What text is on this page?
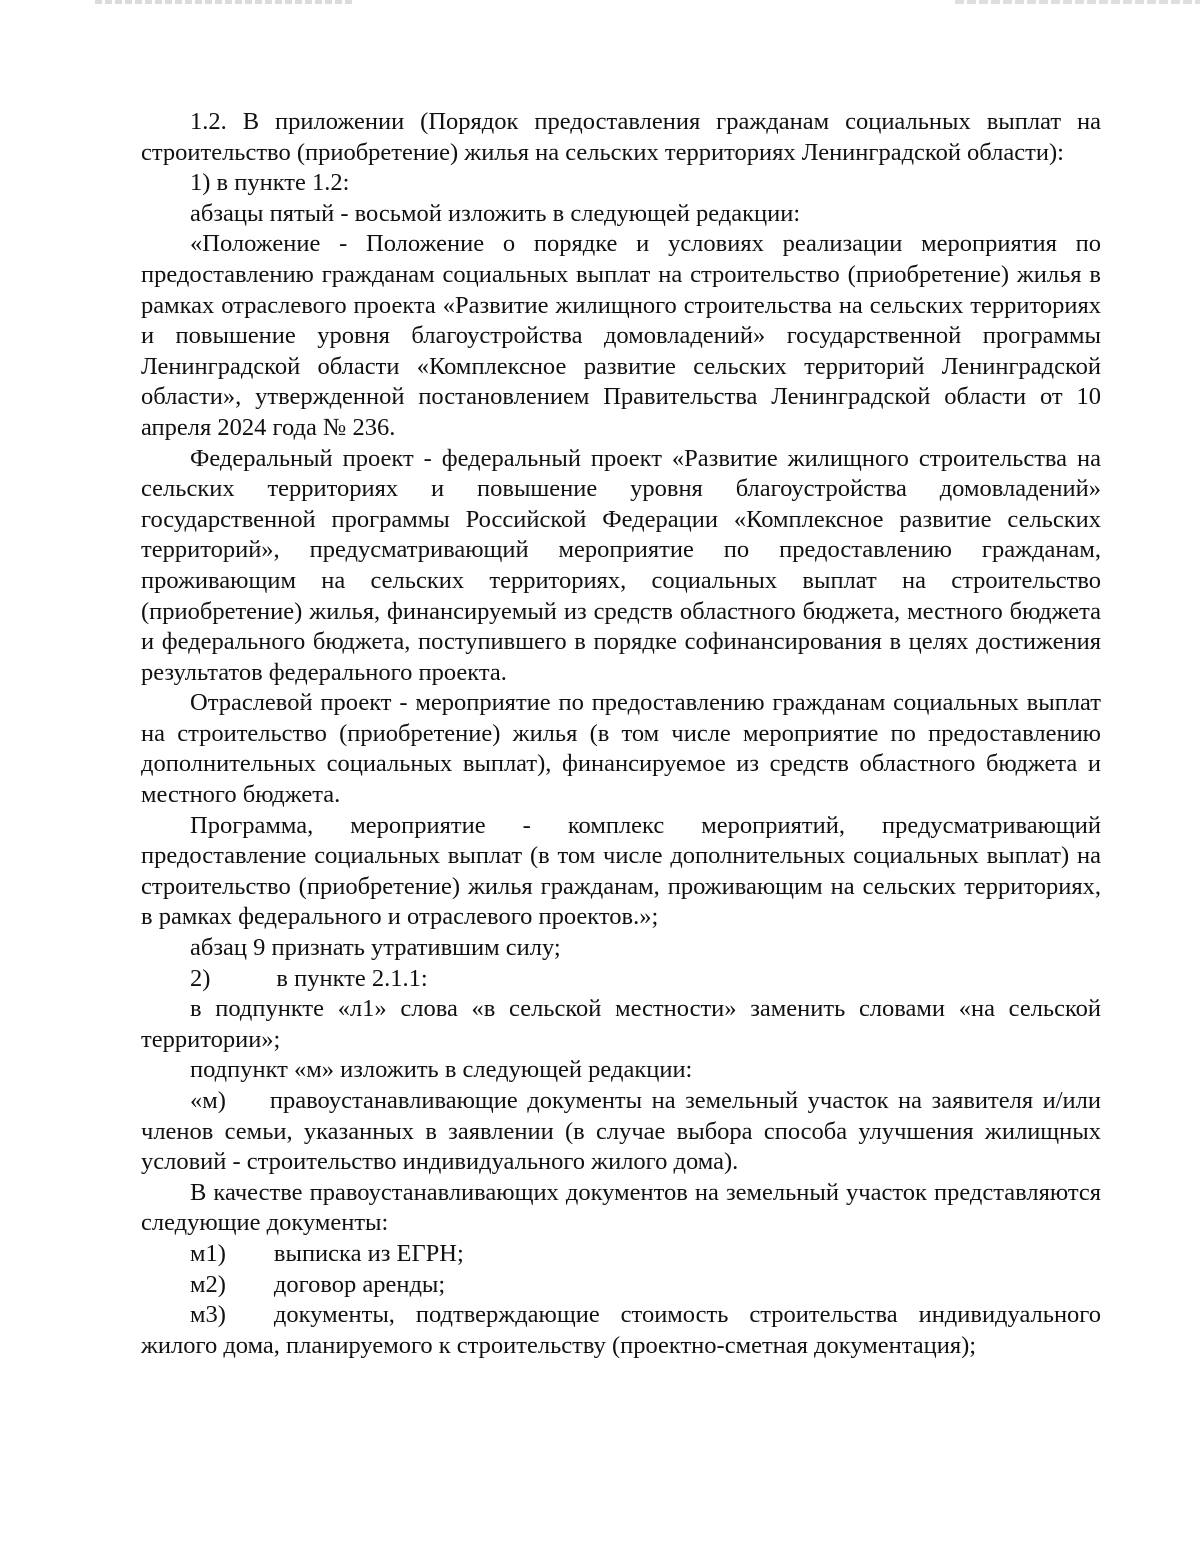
1.2. В приложении (Порядок предоставления гражданам социальных выплат на строительство (приобретение) жилья на сельских территориях Ленинградской области):

1) в пункте 1.2:

абзацы пятый - восьмой изложить в следующей редакции:

«Положение - Положение о порядке и условиях реализации мероприятия по предоставлению гражданам социальных выплат на строительство (приобретение) жилья в рамках отраслевого проекта «Развитие жилищного строительства на сельских территориях и повышение уровня благоустройства домовладений» государственной программы Ленинградской области «Комплексное развитие сельских территорий Ленинградской области», утвержденной постановлением Правительства Ленинградской области от 10 апреля 2024 года № 236.

Федеральный проект - федеральный проект «Развитие жилищного строительства на сельских территориях и повышение уровня благоустройства домовладений» государственной программы Российской Федерации «Комплексное развитие сельских территорий», предусматривающий мероприятие по предоставлению гражданам, проживающим на сельских территориях, социальных выплат на строительство (приобретение) жилья, финансируемый из средств областного бюджета, местного бюджета и федерального бюджета, поступившего в порядке софинансирования в целях достижения результатов федерального проекта.

Отраслевой проект - мероприятие по предоставлению гражданам социальных выплат на строительство (приобретение) жилья (в том числе мероприятие по предоставлению дополнительных социальных выплат), финансируемое из средств областного бюджета и местного бюджета.

Программа, мероприятие - комплекс мероприятий, предусматривающий предоставление социальных выплат (в том числе дополнительных социальных выплат) на строительство (приобретение) жилья гражданам, проживающим на сельских территориях, в рамках федерального и отраслевого проектов.»;

абзац 9 признать утратившим силу;

2)	в пункте 2.1.1:

в подпункте «л1» слова «в сельской местности» заменить словами «на сельской территории»;

подпункт «м» изложить в следующей редакции:

«м) правоустанавливающие документы на земельный участок на заявителя и/или членов семьи, указанных в заявлении (в случае выбора способа улучшения жилищных условий - строительство индивидуального жилого дома).

В качестве правоустанавливающих документов на земельный участок представляются следующие документы:

м1) выписка из ЕГРН;

м2) договор аренды;

м3) документы, подтверждающие стоимость строительства индивидуального жилого дома, планируемого к строительству (проектно-сметная документация);
